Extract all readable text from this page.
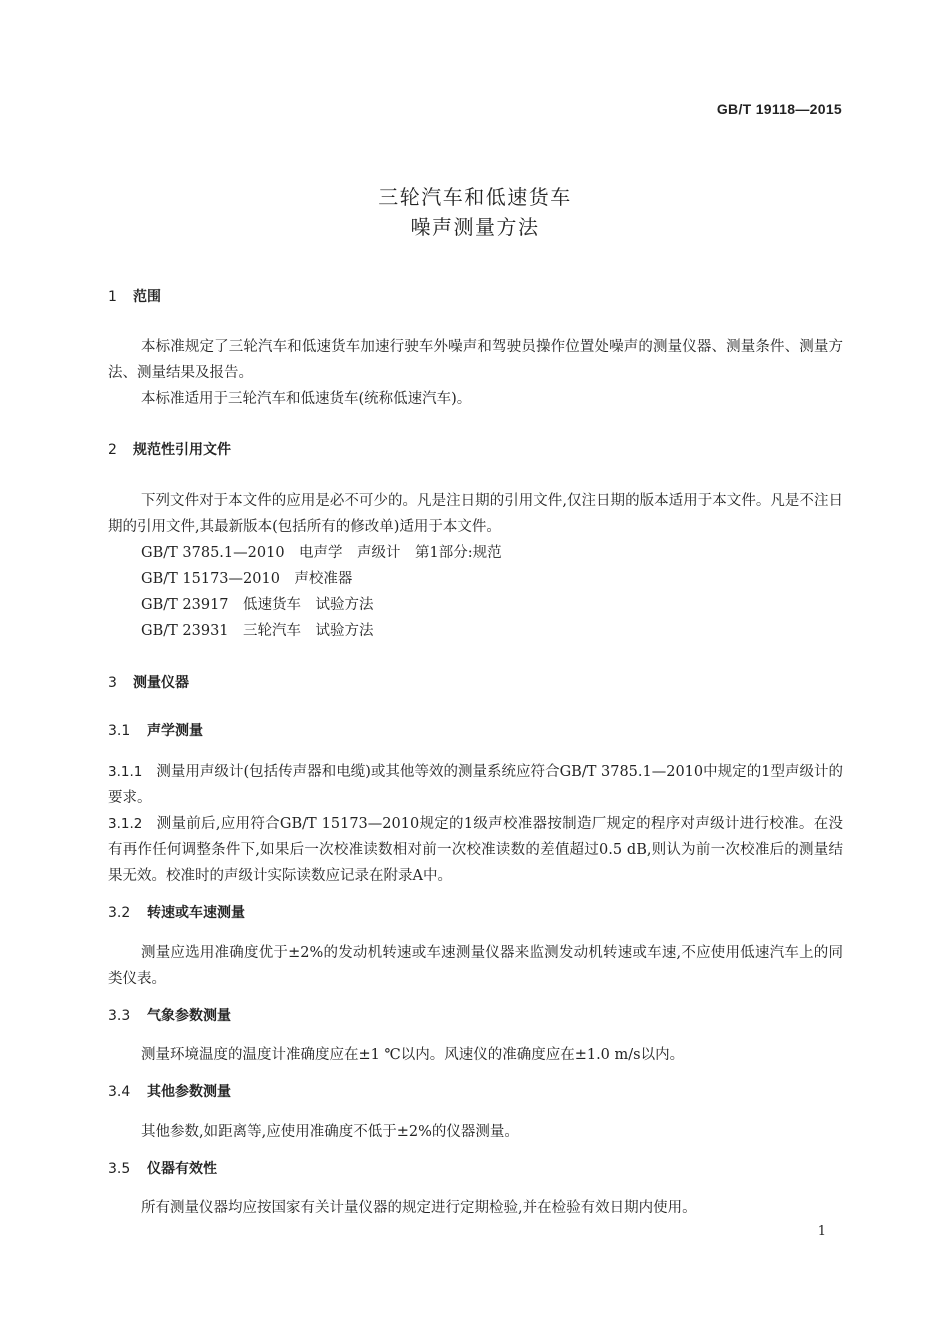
GB/T 19118—2015
三轮汽车和低速货车
噪声测量方法
1 范围
本标准规定了三轮汽车和低速货车加速行驶车外噪声和驾驶员操作位置处噪声的测量仪器、测量条件、测量方法、测量结果及报告。
本标准适用于三轮汽车和低速货车(统称低速汽车)。
2 规范性引用文件
下列文件对于本文件的应用是必不可少的。凡是注日期的引用文件,仅注日期的版本适用于本文件。凡是不注日期的引用文件,其最新版本(包括所有的修改单)适用于本文件。
GB/T 3785.1—2010　电声学　声级计　第1部分:规范
GB/T 15173—2010　声校准器
GB/T 23917　低速货车　试验方法
GB/T 23931　三轮汽车　试验方法
3 测量仪器
3.1 声学测量
3.1.1 测量用声级计(包括传声器和电缆)或其他等效的测量系统应符合GB/T 3785.1—2010中规定的1型声级计的要求。
3.1.2 测量前后,应用符合GB/T 15173—2010规定的1级声校准器按制造厂规定的程序对声级计进行校准。在没有再作任何调整条件下,如果后一次校准读数相对前一次校准读数的差值超过0.5 dB,则认为前一次校准后的测量结果无效。校准时的声级计实际读数应记录在附录A中。
3.2 转速或车速测量
测量应选用准确度优于±2%的发动机转速或车速测量仪器来监测发动机转速或车速,不应使用低速汽车上的同类仪表。
3.3 气象参数测量
测量环境温度的温度计准确度应在±1 ℃以内。风速仪的准确度应在±1.0 m/s以内。
3.4 其他参数测量
其他参数,如距离等,应使用准确度不低于±2%的仪器测量。
3.5 仪器有效性
所有测量仪器均应按国家有关计量仪器的规定进行定期检验,并在检验有效日期内使用。
1
